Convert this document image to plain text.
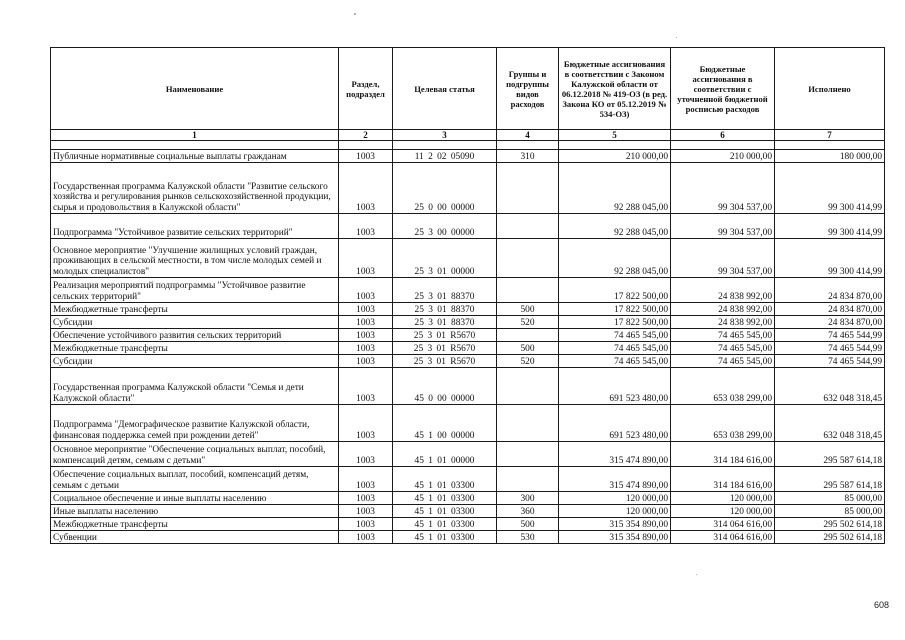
Наименование	Раздел, подраздел	Целевая статья	Группы и подгруппы видов расходов	Бюджетные ассигнования в соответствии с Законом Калужской области от 06.12.2018 № 419-ОЗ (в ред. Закона КО от 05.12.2019 № 534-ОЗ)	Бюджетные ассигнования в соответствии с уточненной бюджетной росписью расходов	Исполнено
1	2	3	4	5	6	7

Публичные нормативные социальные выплаты гражданам	1003	11 2 02 05090	310	210 000,00	210 000,00	180 000,00
Государственная программа Калужской области "Развитие сельского хозяйства и регулирования рынков сельскохозяйственной продукции, сырья и продовольствия в Калужской области"	1003	25 0 00 00000		92 288 045,00	99 304 537,00	99 300 414,99
Подпрограмма "Устойчивое развитие сельских территорий"	1003	25 3 00 00000		92 288 045,00	99 304 537,00	99 300 414,99
Основное мероприятие "Улучшение жилищных условий граждан, проживающих в сельской местности, в том числе молодых семей и молодых специалистов"	1003	25 3 01 00000		92 288 045,00	99 304 537,00	99 300 414,99
Реализация мероприятий подпрограммы "Устойчивое развитие сельских территорий"	1003	25 3 01 88370		17 822 500,00	24 838 992,00	24 834 870,00
Межбюджетные трансферты	1003	25 3 01 88370	500	17 822 500,00	24 838 992,00	24 834 870,00
Субсидии	1003	25 3 01 88370	520	17 822 500,00	24 838 992,00	24 834 870,00
Обеспечение устойчивого развития сельских территорий	1003	25 3 01 R5670		74 465 545,00	74 465 545,00	74 465 544,99
Межбюджетные трансферты	1003	25 3 01 R5670	500	74 465 545,00	74 465 545,00	74 465 544,99
Субсидии	1003	25 3 01 R5670	520	74 465 545,00	74 465 545,00	74 465 544,99
Государственная программа Калужской области "Семья и дети Калужской области"	1003	45 0 00 00000		691 523 480,00	653 038 299,00	632 048 318,45
Подпрограмма "Демографическое развитие Калужской области, финансовая поддержка семей при рождении детей"	1003	45 1 00 00000		691 523 480,00	653 038 299,00	632 048 318,45
Основное мероприятие "Обеспечение социальных выплат, пособий, компенсаций детям, семьям с детьми"	1003	45 1 01 00000		315 474 890,00	314 184 616,00	295 587 614,18
Обеспечение социальных выплат, пособий, компенсаций детям, семьям с детьми	1003	45 1 01 03300		315 474 890,00	314 184 616,00	295 587 614,18
Социальное обеспечение и иные выплаты населению	1003	45 1 01 03300	300	120 000,00	120 000,00	85 000,00
Иные выплаты населению	1003	45 1 01 03300	360	120 000,00	120 000,00	85 000,00
Межбюджетные трансферты	1003	45 1 01 03300	500	315 354 890,00	314 064 616,00	295 502 614,18
Субвенции	1003	45 1 01 03300	530	315 354 890,00	314 064 616,00	295 502 614,18
608
